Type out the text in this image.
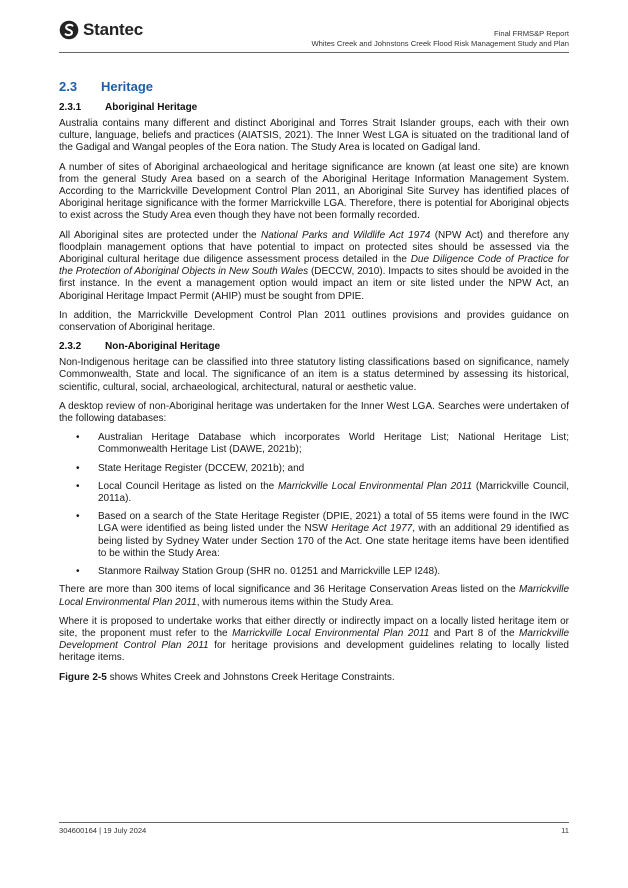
Stantec	Final FRMS&P Report
Whites Creek and Johnstons Creek Flood Risk Management Study and Plan
2.3	Heritage
2.3.1	Aboriginal Heritage

Australia contains many different and distinct Aboriginal and Torres Strait Islander groups, each with their own culture, language, beliefs and practices (AIATSIS, 2021). The Inner West LGA is situated on the traditional land of the Gadigal and Wangal peoples of the Eora nation. The Study Area is located on Gadigal land.

A number of sites of Aboriginal archaeological and heritage significance are known (at least one site) are known from the general Study Area based on a search of the Aboriginal Heritage Information Management System. According to the Marrickville Development Control Plan 2011, an Aboriginal Site Survey has identified places of Aboriginal heritage significance with the former Marrickville LGA. Therefore, there is potential for Aboriginal objects to exist across the Study Area even though they have not been formally recorded.

All Aboriginal sites are protected under the National Parks and Wildlife Act 1974 (NPW Act) and therefore any floodplain management options that have potential to impact on protected sites should be assessed via the Aboriginal cultural heritage due diligence assessment process detailed in the Due Diligence Code of Practice for the Protection of Aboriginal Objects in New South Wales (DECCW, 2010). Impacts to sites should be avoided in the first instance. In the event a management option would impact an item or site listed under the NPW Act, an Aboriginal Heritage Impact Permit (AHIP) must be sought from DPIE.

In addition, the Marrickville Development Control Plan 2011 outlines provisions and provides guidance on conservation of Aboriginal heritage.

2.3.2	Non-Aboriginal Heritage

Non-Indigenous heritage can be classified into three statutory listing classifications based on significance, namely Commonwealth, State and local. The significance of an item is a status determined by assessing its historical, scientific, cultural, social, archaeological, architectural, natural or aesthetic value.

A desktop review of non-Aboriginal heritage was undertaken for the Inner West LGA. Searches were undertaken of the following databases:

• Australian Heritage Database which incorporates World Heritage List; National Heritage List; Commonwealth Heritage List (DAWE, 2021b);
• State Heritage Register (DCCEW, 2021b); and
• Local Council Heritage as listed on the Marrickville Local Environmental Plan 2011 (Marrickville Council, 2011a).
• Based on a search of the State Heritage Register (DPIE, 2021) a total of 55 items were found in the IWC LGA were identified as being listed under the NSW Heritage Act 1977, with an additional 29 identified as being listed by Sydney Water under Section 170 of the Act. One state heritage items have been identified to be within the Study Area:
• Stanmore Railway Station Group (SHR no. 01251 and Marrickville LEP I248).

There are more than 300 items of local significance and 36 Heritage Conservation Areas listed on the Marrickville Local Environmental Plan 2011, with numerous items within the Study Area.

Where it is proposed to undertake works that either directly or indirectly impact on a locally listed heritage item or site, the proponent must refer to the Marrickville Local Environmental Plan 2011 and Part 8 of the Marrickville Development Control Plan 2011 for heritage provisions and development guidelines relating to locally listed heritage items.

Figure 2-5 shows Whites Creek and Johnstons Creek Heritage Constraints.

304600164 | 19 July 2024	11
